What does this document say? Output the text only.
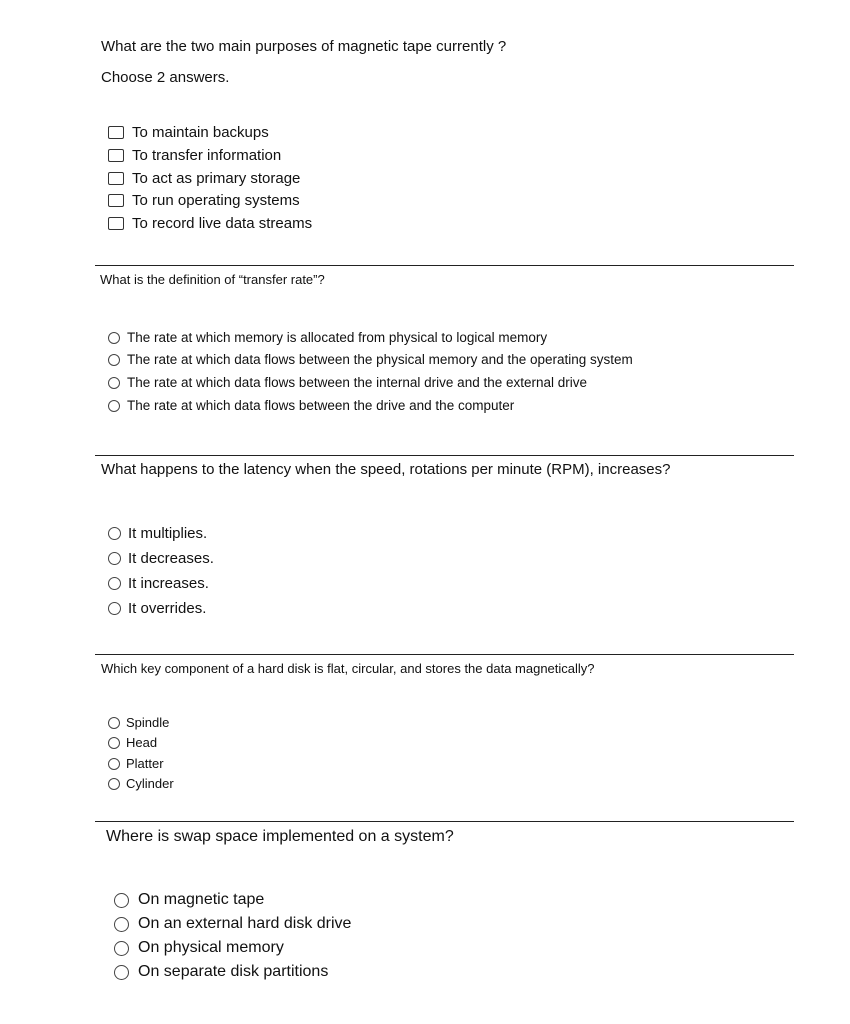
What are the two main purposes of magnetic tape currently ?
Choose 2 answers.
To maintain backups
To transfer information
To act as primary storage
To run operating systems
To record live data streams
What is the definition of “transfer rate”?
The rate at which memory is allocated from physical to logical memory
The rate at which data flows between the physical memory and the operating system
The rate at which data flows between the internal drive and the external drive
The rate at which data flows between the drive and the computer
What happens to the latency when the speed, rotations per minute (RPM), increases?
It multiplies.
It decreases.
It increases.
It overrides.
Which key component of a hard disk is flat, circular, and stores the data magnetically?
Spindle
Head
Platter
Cylinder
Where is swap space implemented on a system?
On magnetic tape
On an external hard disk drive
On physical memory
On separate disk partitions
